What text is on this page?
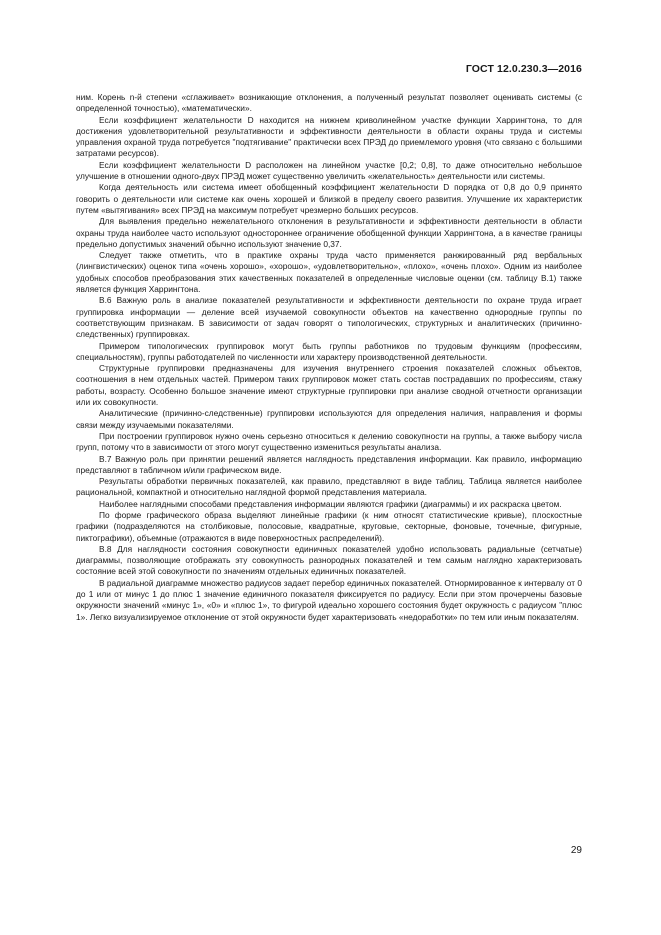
ГОСТ 12.0.230.3—2016

ним. Корень n-й степени «сглаживает» возникающие отклонения, а полученный результат позволяет оценивать системы (с определенной точностью), «математически».

Если коэффициент желательности D находится на нижнем криволинейном участке функции Харрингтона, то для достижения удовлетворительной результативности и эффективности деятельности в области охраны труда и системы управления охраной труда потребуется "подтягивание" практически всех ПРЭД до приемлемого уровня (что связано с большими затратами ресурсов).

Если коэффициент желательности D расположен на линейном участке [0,2; 0,8], то даже относительно небольшое улучшение в отношении одного-двух ПРЭД может существенно увеличить «желательность» деятельности или системы.

Когда деятельность или система имеет обобщенный коэффициент желательности D порядка от 0,8 до 0,9 принято говорить о деятельности или системе как очень хорошей и близкой в пределу своего развития. Улучшение их характеристик путем «вытягивания» всех ПРЭД на максимум потребует чрезмерно больших ресурсов.

Для выявления предельно нежелательного отклонения в результативности и эффективности деятельности в области охраны труда наиболее часто используют одностороннее ограничение обобщенной функции Харрингтона, а в качестве границы предельно допустимых значений обычно используют значение 0,37.

Следует также отметить, что в практике охраны труда часто применяется ранжированный ряд вербальных (лингвистических) оценок типа «очень хорошо», «хорошо», «удовлетворительно», «плохо», «очень плохо». Одним из наиболее удобных способов преобразования этих качественных показателей в определенные числовые оценки (см. таблицу В.1) также является функция Харрингтона.

В.6 Важную роль в анализе показателей результативности и эффективности деятельности по охране труда играет группировка информации — деление всей изучаемой совокупности объектов на качественно однородные группы по соответствующим признакам. В зависимости от задач говорят о типологических, структурных и аналитических (причинно-следственных) группировках.

Примером типологических группировок могут быть группы работников по трудовым функциям (профессиям, специальностям), группы работодателей по численности или характеру производственной деятельности.

Структурные группировки предназначены для изучения внутреннего строения показателей сложных объектов, соотношения в нем отдельных частей. Примером таких группировок может стать состав пострадавших по профессиям, стажу работы, возрасту. Особенно большое значение имеют структурные группировки при анализе сводной отчетности организации или их совокупности.

Аналитические (причинно-следственные) группировки используются для определения наличия, направления и формы связи между изучаемыми показателями.

При построении группировок нужно очень серьезно относиться к делению совокупности на группы, а также выбору числа групп, потому что в зависимости от этого могут существенно измениться результаты анализа.

В.7 Важную роль при принятии решений является наглядность представления информации. Как правило, информацию представляют в табличном и/или графическом виде.

Результаты обработки первичных показателей, как правило, представляют в виде таблиц. Таблица является наиболее рациональной, компактной и относительно наглядной формой представления материала.

Наиболее наглядными способами представления информации являются графики (диаграммы) и их раскраска цветом.

По форме графического образа выделяют линейные графики (к ним относят статистические кривые), плоскостные графики (подразделяются на столбиковые, полосовые, квадратные, круговые, секторные, фоновые, точечные, фигурные, пиктографики), объемные (отражаются в виде поверхностных распределений).

В.8 Для наглядности состояния совокупности единичных показателей удобно использовать радиальные (сетчатые) диаграммы, позволяющие отображать эту совокупность разнородных показателей и тем самым наглядно характеризовать состояние всей этой совокупности по значениям отдельных единичных показателей.

В радиальной диаграмме множество радиусов задает перебор единичных показателей. Отнормированное к интервалу от 0 до 1 или от минус 1 до плюс 1 значение единичного показателя фиксируется по радиусу. Если при этом прочерчены базовые окружности значений «минус 1», «0» и «плюс 1», то фигурой идеально хорошего состояния будет окружность с радиусом "плюс 1». Легко визуализируемое отклонение от этой окружности будет характеризовать «недоработки» по тем или иным показателям.

29
